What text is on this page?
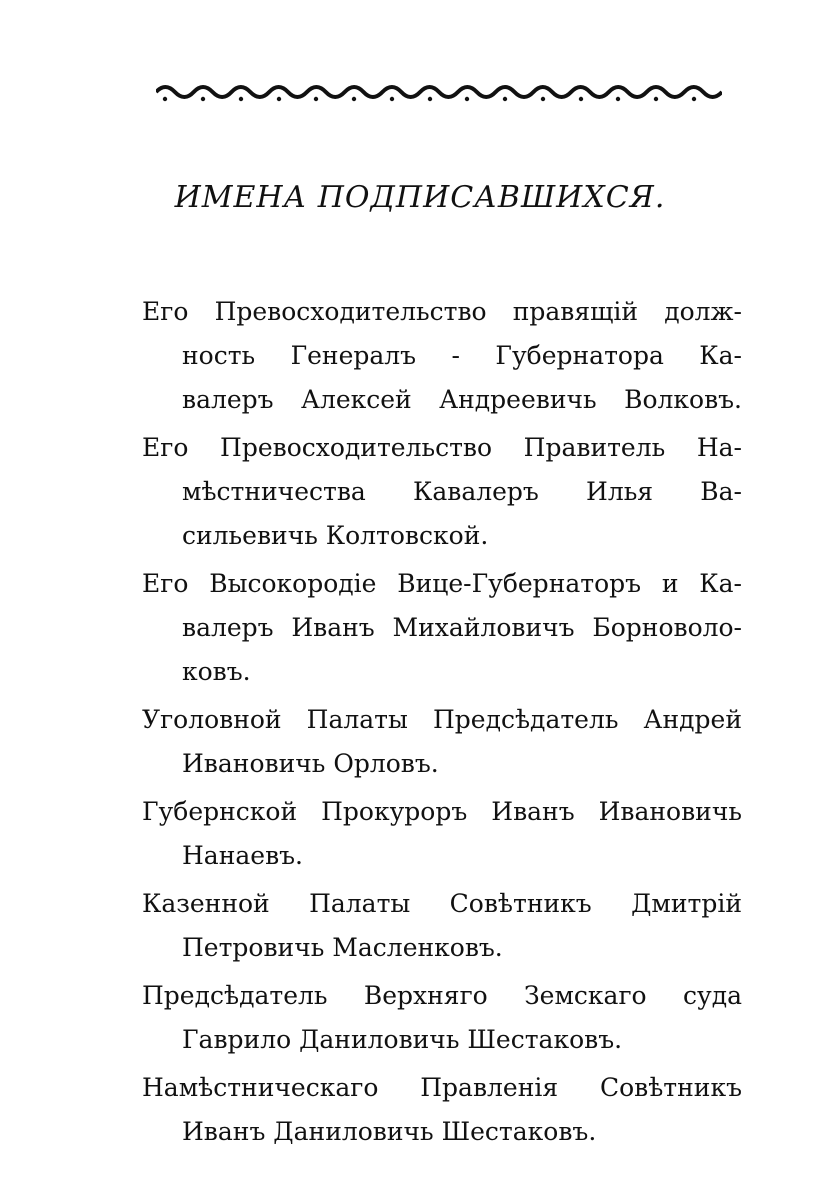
ИМЕНА ПОДПИСАВШИХСЯ.
Его Превосходительство правящій долж-
ность Генералъ - Губернатора Ка-
валеръ Алексей Андреевичь Волковъ.
Его Превосходительство Правитель На-
мѣстничества Кавалеръ Илья Ва-
сильевичь Колтовской.
Его Высокородіе Вице-Губернаторъ и Ка-
валеръ Иванъ Михайловичъ Борноволо-
ковъ.
Уголовной Палаты Предсѣдатель Андрей
Ивановичь Орловъ.
Губернской Прокуроръ Иванъ Ивановичь
Нанаевъ.
Казенной Палаты Совѣтникъ Дмитрій
Петровичь Масленковъ.
Предсѣдатель Верхняго Земскаго суда
Гаврило Даниловичь Шестаковъ.
Намѣстническаго Правленія Совѣтникъ
Иванъ Даниловичь Шестаковъ.
